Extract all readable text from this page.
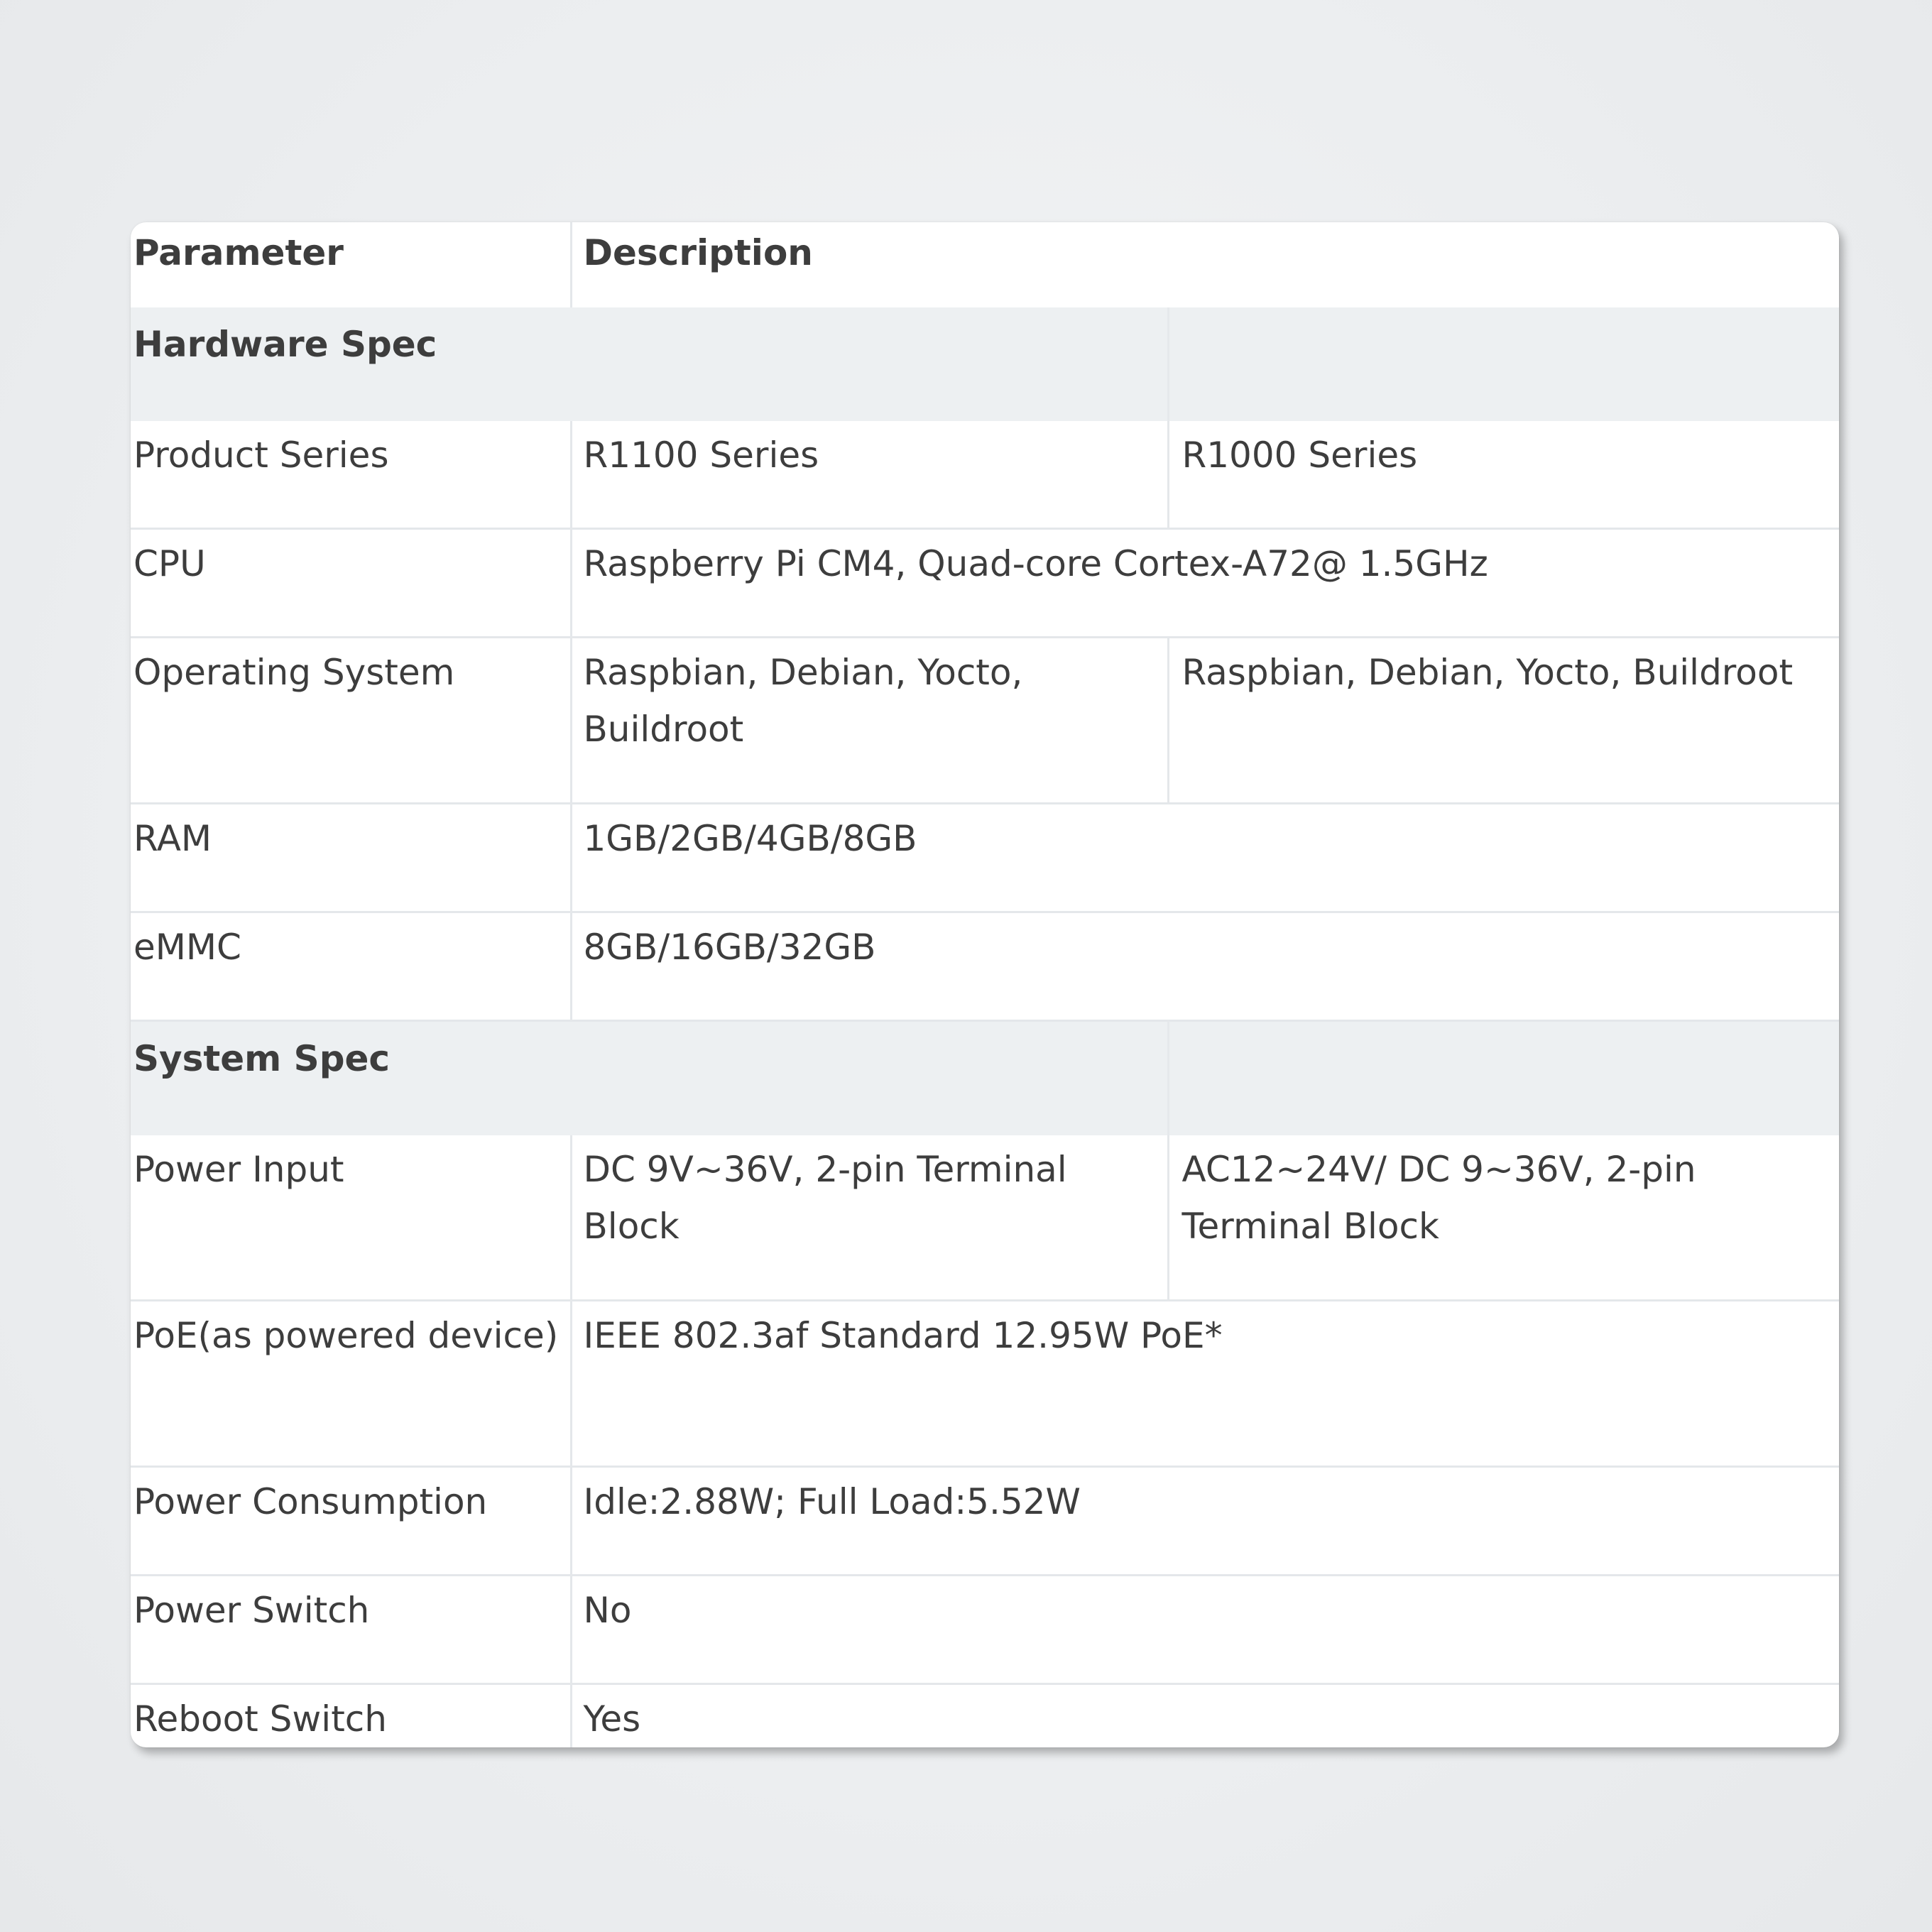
Parameter	Description	
Hardware Spec		
Product Series	R1100 Series	R1000 Series
CPU	Raspberry Pi CM4, Quad-core Cortex-A72@ 1.5GHz	
Operating System	Raspbian, Debian, Yocto, Buildroot	Raspbian, Debian, Yocto, Buildroot
RAM	1GB/2GB/4GB/8GB	
eMMC	8GB/16GB/32GB	
System Spec		
Power Input	DC 9V~36V, 2-pin Terminal Block	AC12~24V/ DC 9~36V, 2-pin Terminal Block
PoE(as powered device)	IEEE 802.3af Standard 12.95W PoE*	
Power Consumption	Idle:2.88W; Full Load:5.52W	
Power Switch	No	
Reboot Switch	Yes	
